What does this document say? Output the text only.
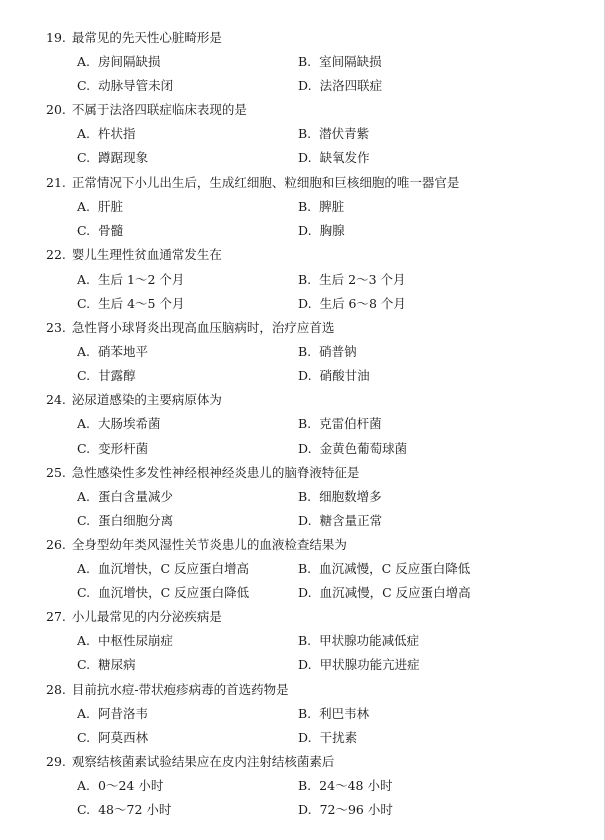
19. 最常见的先天性心脏畸形是
A. 房间隔缺损	B. 室间隔缺损
C. 动脉导管未闭	D. 法洛四联症
20. 不属于法洛四联症临床表现的是
A. 杵状指	B. 潜伏青紫
C. 蹲踞现象	D. 缺氧发作
21. 正常情况下小儿出生后，生成红细胞、粒细胞和巨核细胞的唯一器官是
A. 肝脏	B. 脾脏
C. 骨髓	D. 胸腺
22. 婴儿生理性贫血通常发生在
A. 生后 1～2 个月	B. 生后 2～3 个月
C. 生后 4～5 个月	D. 生后 6～8 个月
23. 急性肾小球肾炎出现高血压脑病时，治疗应首选
A. 硝苯地平	B. 硝普钠
C. 甘露醇	D. 硝酸甘油
24. 泌尿道感染的主要病原体为
A. 大肠埃希菌	B. 克雷伯杆菌
C. 变形杆菌	D. 金黄色葡萄球菌
25. 急性感染性多发性神经根神经炎患儿的脑脊液特征是
A. 蛋白含量减少	B. 细胞数增多
C. 蛋白细胞分离	D. 糖含量正常
26. 全身型幼年类风湿性关节炎患儿的血液检查结果为
A. 血沉增快，C 反应蛋白增高	B. 血沉减慢，C 反应蛋白降低
C. 血沉增快，C 反应蛋白降低	D. 血沉减慢，C 反应蛋白增高
27. 小儿最常见的内分泌疾病是
A. 中枢性尿崩症	B. 甲状腺功能减低症
C. 糖尿病	D. 甲状腺功能亢进症
28. 目前抗水痘-带状疱疹病毒的首选药物是
A. 阿昔洛韦	B. 利巴韦林
C. 阿莫西林	D. 干扰素
29. 观察结核菌素试验结果应在皮内注射结核菌素后
A. 0～24 小时	B. 24～48 小时
C. 48～72 小时	D. 72～96 小时
